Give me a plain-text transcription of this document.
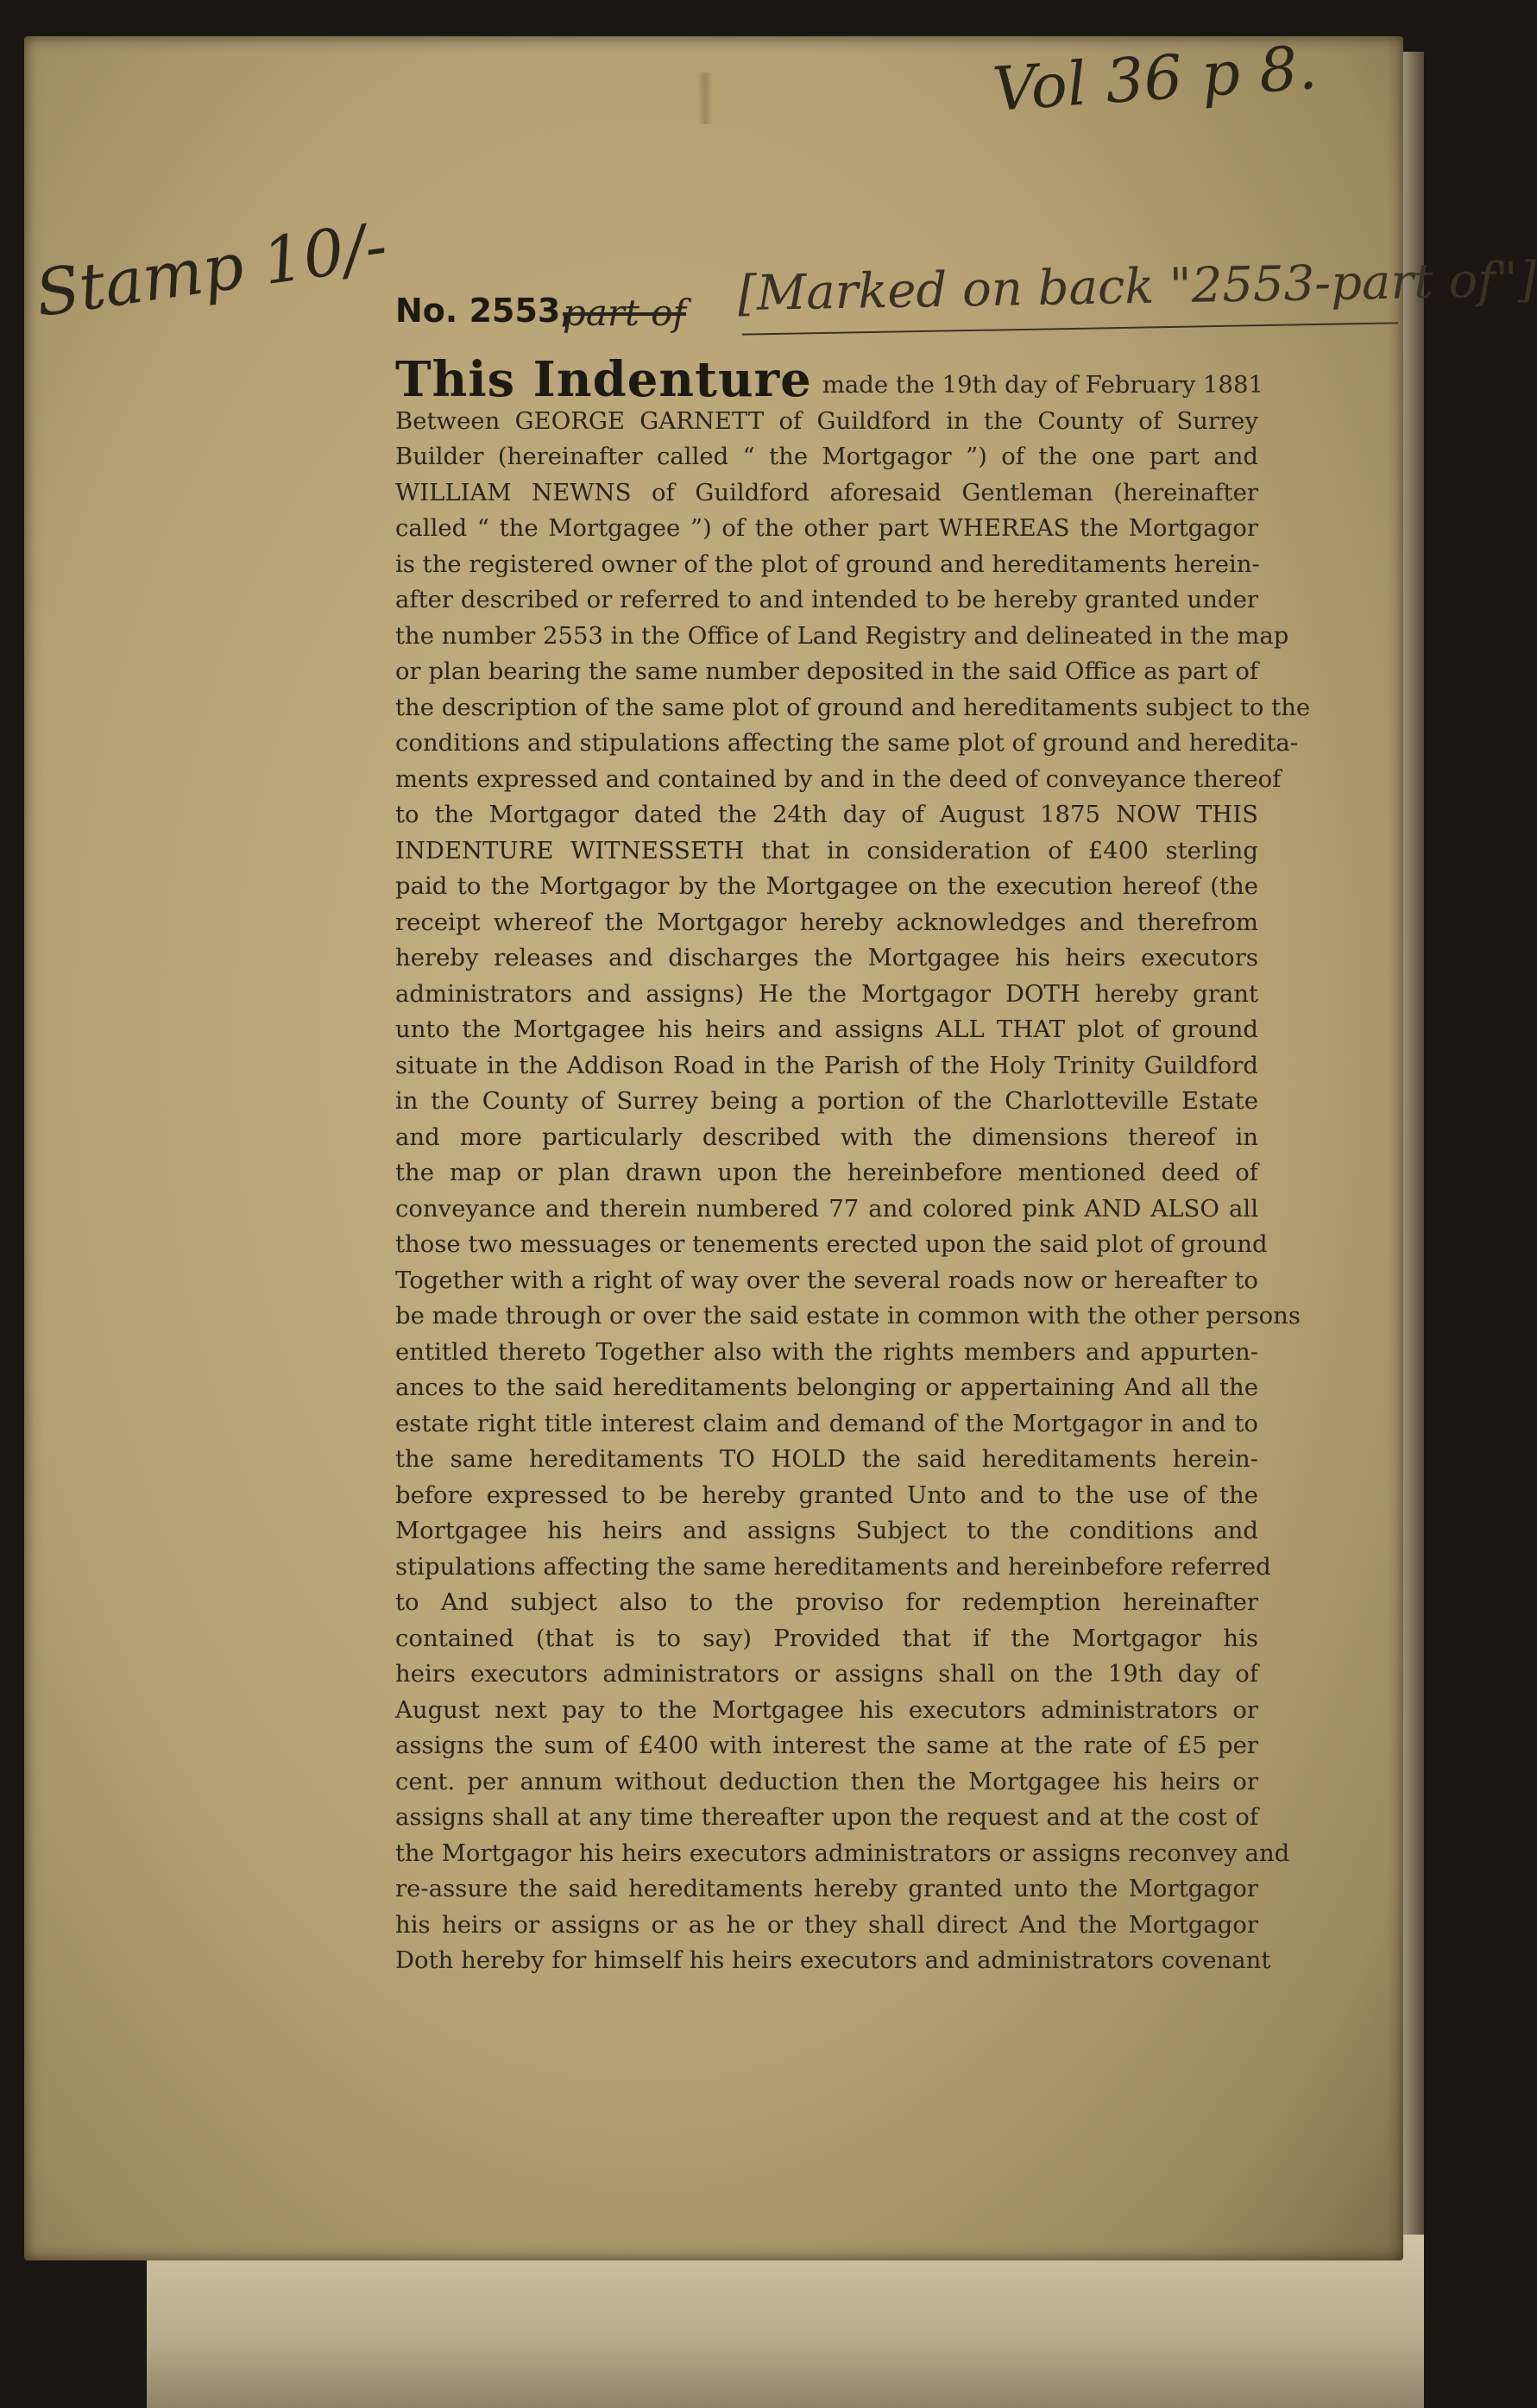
Vol 36 p 8.
Stamp 10/- No. 2553,
part of [Marked on back "2553-part of"]
This Indenture made the 19th day of February 1881
Between GEORGE GARNETT of Guildford in the County of Surrey
Builder (hereinafter called “ the Mortgagor ”) of the one part and
WILLIAM NEWNS of Guildford aforesaid Gentleman (hereinafter
called “ the Mortgagee ”) of the other part WHEREAS the Mortgagor
is the registered owner of the plot of ground and hereditaments herein-
after described or referred to and intended to be hereby granted under
the number 2553 in the Office of Land Registry and delineated in the map
or plan bearing the same number deposited in the said Office as part of
the description of the same plot of ground and hereditaments subject to the
conditions and stipulations affecting the same plot of ground and heredita-
ments expressed and contained by and in the deed of conveyance thereof
to the Mortgagor dated the 24th day of August 1875 NOW THIS
INDENTURE WITNESSETH that in consideration of £400 sterling
paid to the Mortgagor by the Mortgagee on the execution hereof (the
receipt whereof the Mortgagor hereby acknowledges and therefrom
hereby releases and discharges the Mortgagee his heirs executors
administrators and assigns) He the Mortgagor DOTH hereby grant
unto the Mortgagee his heirs and assigns ALL THAT plot of ground
situate in the Addison Road in the Parish of the Holy Trinity Guildford
in the County of Surrey being a portion of the Charlotteville Estate
and more particularly described with the dimensions thereof in
the map or plan drawn upon the hereinbefore mentioned deed of
conveyance and therein numbered 77 and colored pink AND ALSO all
those two messuages or tenements erected upon the said plot of ground
Together with a right of way over the several roads now or hereafter to
be made through or over the said estate in common with the other persons
entitled thereto Together also with the rights members and appurten-
ances to the said hereditaments belonging or appertaining And all the
estate right title interest claim and demand of the Mortgagor in and to
the same hereditaments TO HOLD the said hereditaments herein-
before expressed to be hereby granted Unto and to the use of the
Mortgagee his heirs and assigns Subject to the conditions and
stipulations affecting the same hereditaments and hereinbefore referred
to And subject also to the proviso for redemption hereinafter
contained (that is to say) Provided that if the Mortgagor his
heirs executors administrators or assigns shall on the 19th day of
August next pay to the Mortgagee his executors administrators or
assigns the sum of £400 with interest the same at the rate of £5 per
cent. per annum without deduction then the Mortgagee his heirs or
assigns shall at any time thereafter upon the request and at the cost of
the Mortgagor his heirs executors administrators or assigns reconvey and
re-assure the said hereditaments hereby granted unto the Mortgagor
his heirs or assigns or as he or they shall direct And the Mortgagor
Doth hereby for himself his heirs executors and administrators covenant
